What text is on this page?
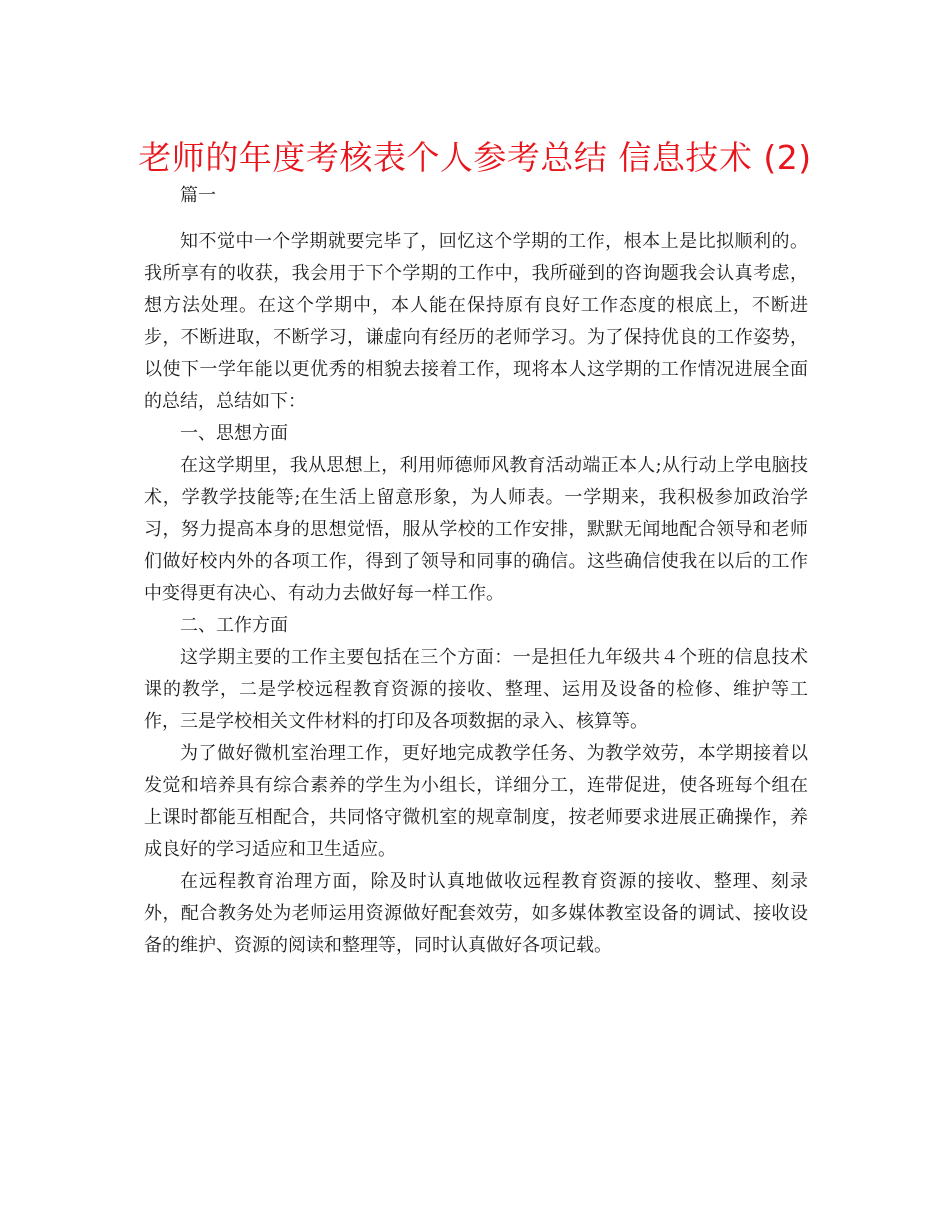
老师的年度考核表个人参考总结 信息技术 (2)

篇一

知不觉中一个学期就要完毕了，回忆这个学期的工作，根本上是比拟顺利的。我所享有的收获，我会用于下个学期的工作中，我所碰到的咨询题我会认真考虑，想方法处理。在这个学期中，本人能在保持原有良好工作态度的根底上，不断进步，不断进取，不断学习，谦虚向有经历的老师学习。为了保持优良的工作姿势，以使下一学年能以更优秀的相貌去接着工作，现将本人这学期的工作情况进展全面的总结，总结如下：

一、思想方面

在这学期里，我从思想上，利用师德师风教育活动端正本人;从行动上学电脑技术，学教学技能等;在生活上留意形象，为人师表。一学期来，我积极参加政治学习，努力提高本身的思想觉悟，服从学校的工作安排，默默无闻地配合领导和老师们做好校内外的各项工作，得到了领导和同事的确信。这些确信使我在以后的工作中变得更有决心、有动力去做好每一样工作。

二、工作方面

这学期主要的工作主要包括在三个方面：一是担任九年级共４个班的信息技术课的教学，二是学校远程教育资源的接收、整理、运用及设备的检修、维护等工作，三是学校相关文件材料的打印及各项数据的录入、核算等。

为了做好微机室治理工作，更好地完成教学任务、为教学效劳，本学期接着以发觉和培养具有综合素养的学生为小组长，详细分工，连带促进，使各班每个组在上课时都能互相配合，共同恪守微机室的规章制度，按老师要求进展正确操作，养成良好的学习适应和卫生适应。

在远程教育治理方面，除及时认真地做收远程教育资源的接收、整理、刻录外，配合教务处为老师运用资源做好配套效劳，如多媒体教室设备的调试、接收设备的维护、资源的阅读和整理等，同时认真做好各项记载。
